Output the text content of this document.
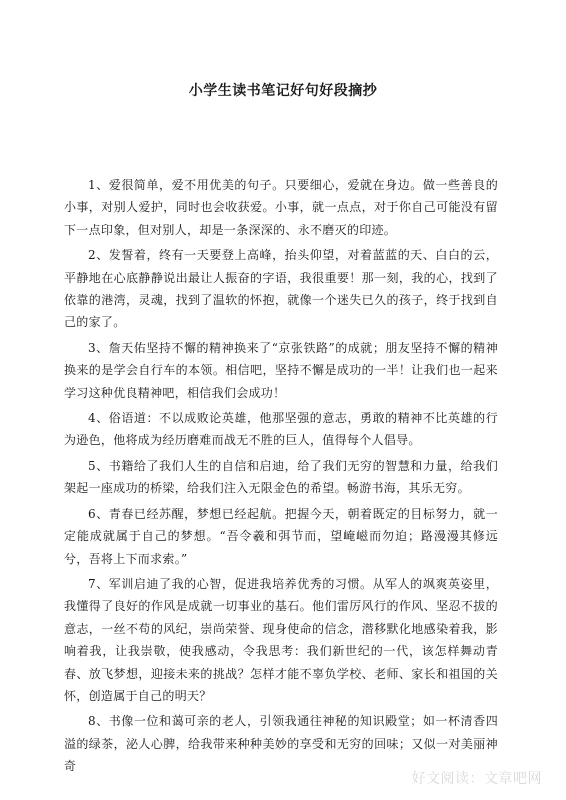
小学生读书笔记好句好段摘抄

1、爱很简单，爱不用优美的句子。只要细心，爱就在身边。做一些善良的小事，对别人爱护，同时也会收获爱。小事，就一点点，对于你自己可能没有留下一点印象，但对别人，却是一条深深的、永不磨灭的印迹。

2、发誓着，终有一天要登上高峰，抬头仰望，对着蓝蓝的天、白白的云，平静地在心底静静说出最让人振奋的字语，我很重要！那一刻，我的心，找到了依靠的港湾，灵魂，找到了温软的怀抱，就像一个迷失已久的孩子，终于找到自己的家了。

3、詹天佑坚持不懈的精神换来了“京张铁路”的成就；朋友坚持不懈的精神换来的是学会自行车的本领。相信吧，坚持不懈是成功的一半！让我们也一起来学习这种优良精神吧，相信我们会成功！

4、俗语道：不以成败论英雄，他那坚强的意志，勇敢的精神不比英雄的行为逊色，他将成为经历磨难而战无不胜的巨人，值得每个人倡导。

5、书籍给了我们人生的自信和启迪，给了我们无穷的智慧和力量，给我们架起一座成功的桥梁，给我们注入无限金色的希望。畅游书海，其乐无穷。

6、青春已经苏醒，梦想已经起航。把握今天，朝着既定的目标努力，就一定能成就属于自己的梦想。“吾令羲和弭节而，望崦嵫而勿迫；路漫漫其修远兮，吾将上下而求索。”

7、军训启迪了我的心智，促进我培养优秀的习惯。从军人的飒爽英姿里，我懂得了良好的作风是成就一切事业的基石。他们雷厉风行的作风、坚忍不拔的意志，一丝不苟的风纪，崇尚荣誉、现身使命的信念，潜移默化地感染着我，影响着我，让我崇敬，使我感动，令我思考：我们新世纪的一代，该怎样舞动青春、放飞梦想，迎接未来的挑战？怎样才能不辜负学校、老师、家长和祖国的关怀，创造属于自己的明天？

8、书像一位和蔼可亲的老人，引领我通往神秘的知识殿堂；如一杯清香四溢的绿茶，泌人心脾，给我带来种种美妙的享受和无穷的回味；又似一对美丽神奇

好文阅读：文章吧网
